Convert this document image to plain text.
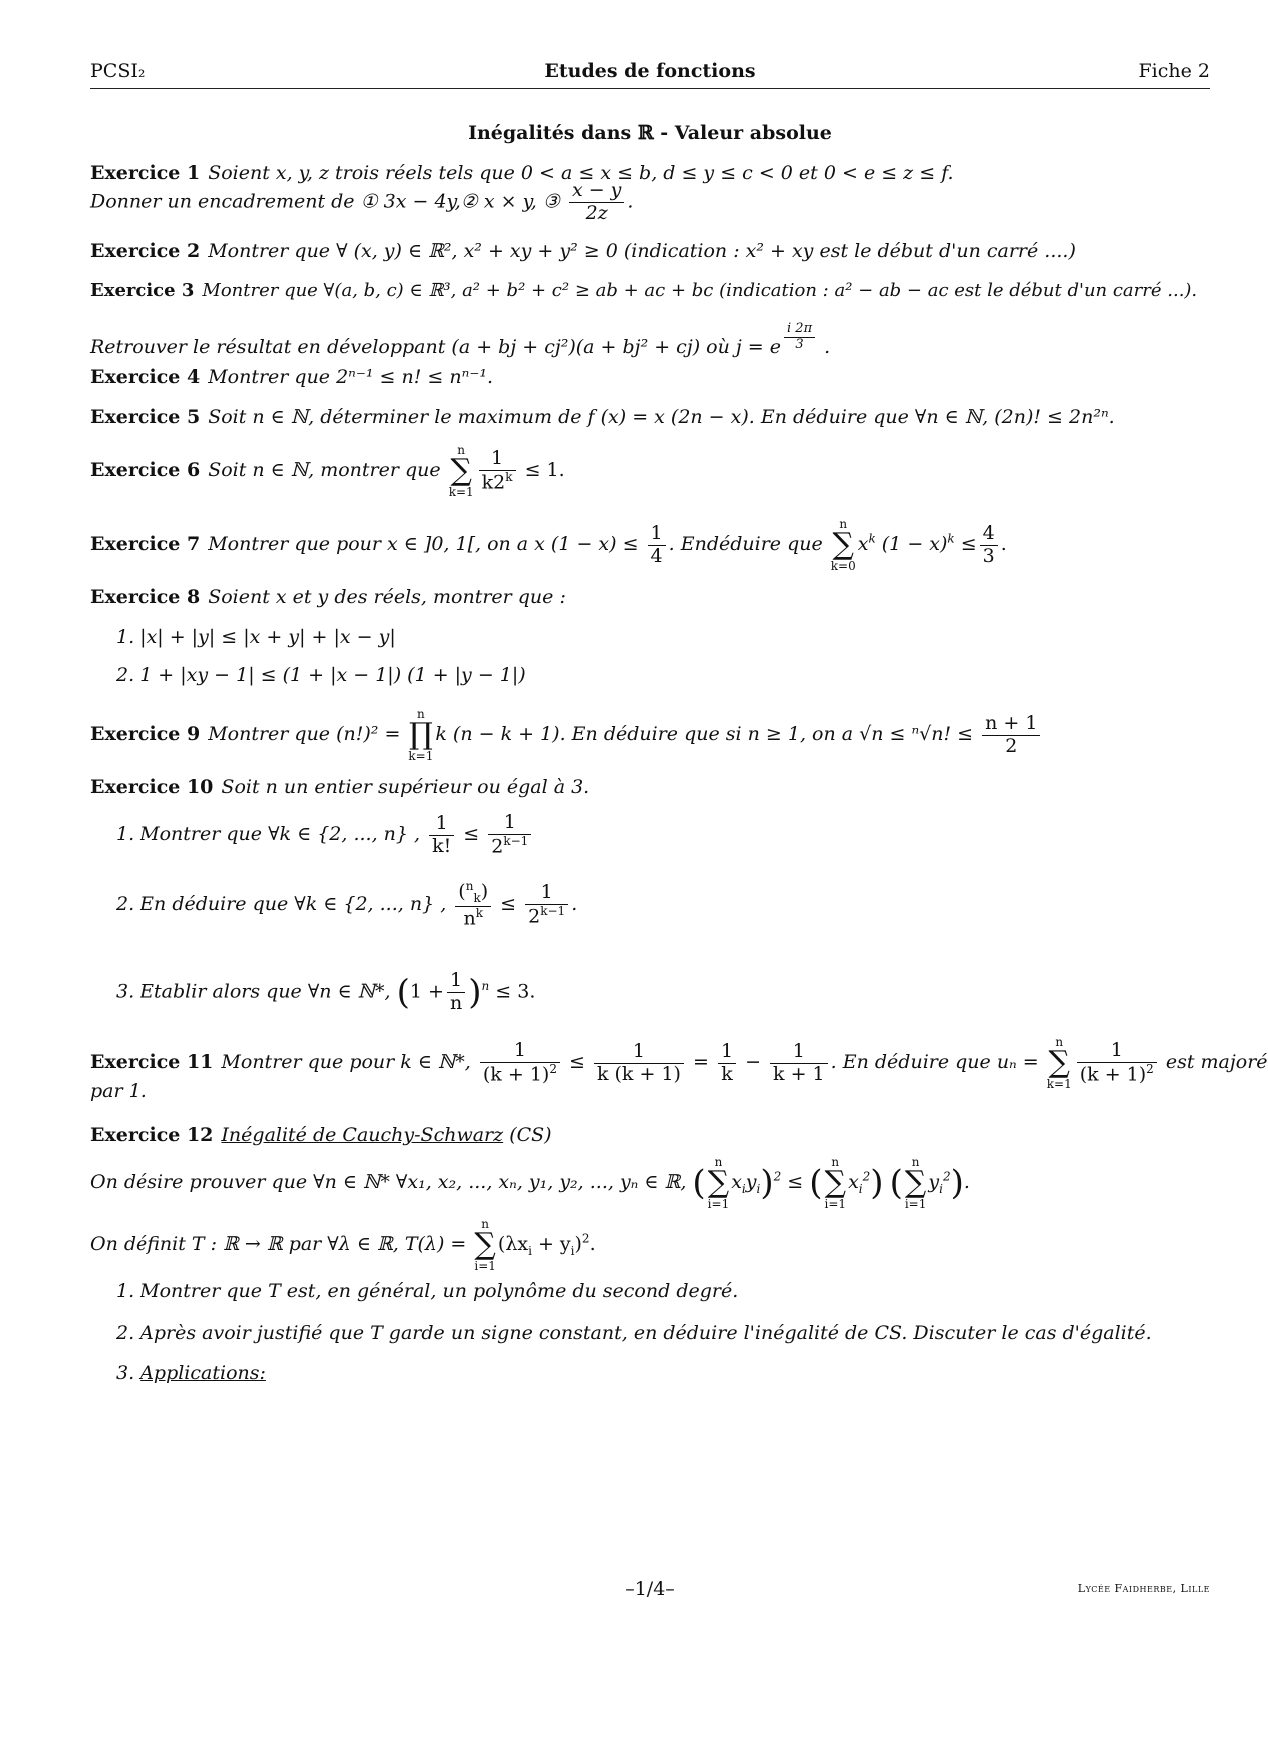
PCSI₂	Etudes de fonctions	Fiche 2
Inégalités dans ℝ - Valeur absolue
Exercice 1 Soient x, y, z trois réels tels que 0 < a ≤ x ≤ b, d ≤ y ≤ c < 0 et 0 < e ≤ z ≤ f.
Donner un encadrement de ① 3x − 4y,② x × y, ③ $\frac{x - y}{2z}$ .
Exercice 2 Montrer que ∀ (x, y) ∈ ℝ², x² + xy + y² ≥ 0 (indication : x² + xy est le début d'un carré ....)
Exercice 3 Montrer que ∀(a, b, c) ∈ ℝ³, a² + b² + c² ≥ ab + ac + bc (indication : a² − ab − ac est le début d'un carré ...).
Retrouver le résultat en développant (a + bj + cj²)(a + bj² + cj) où j = e $^{\frac{i 2\pi}{3}}$ .
Exercice 4 Montrer que 2ⁿ⁻¹ ≤ n! ≤ nⁿ⁻¹.
Exercice 5 Soit n ∈ ℕ, déterminer le maximum de f (x) = x (2n − x). En déduire que ∀n ∈ ℕ, (2n)! ≤ 2n²ⁿ.
Exercice 6 Soit n ∈ ℕ, montrer que n
∑
$k=1 \frac{1}{k2^k} \le 1$.
Exercice 7 Montrer que pour x ∈ ]0, 1[, on a x $(1 - x) \le \frac{1}{4}$ . Endéduire que n
∑
$k=0x^k$ $(1 - x)^k \le \frac{4}{3}$ .
Exercice 8 Soient x et y des réels, montrer que :
1. |x| + |y| ≤ |x + y| + |x − y|
2. 1 + |xy − 1| ≤ (1 + |x − 1|) (1 + |y − 1|)
Exercice 9 Montrer que (n!)² = n
∏
k=1k (n − k + 1). En déduire que si n ≥ 1, on a √n ≤ ⁿ√n! ≤ $\frac{n + 1}{2}$
Exercice 10 Soit n un entier supérieur ou égal à 3.
1. Montrer que ∀k ∈ {2, ..., n} , $\frac{1}{k!} \le \frac{1}{2^{k-1}}$
2. En déduire que ∀k ∈ {2, ..., n} , $\frac{(^n_k)}{n^k} \le \frac{1}{2^{k-1}}$ .
3. Etablir alors que ∀n ∈ ℕ*, $(1 + \frac{1}{n} )^n \le 3$.
Exercice 11 Montrer que pour k ∈ ℕ*, $\frac{1}{(k + 1)^2} \le \frac{1}{k (k + 1)} = \frac{1}{k} - \frac{1}{k + 1}$ . En déduire que uₙ = n
∑
$k=1 \frac{1}{(k + 1)^2}$ est majoré
par 1.
Exercice 12 Inégalité de Cauchy-Schwarz (CS)
On désire prouver que ∀n ∈ ℕ* ∀x₁, x₂, ..., xₙ, y₁, y₂, ..., yₙ ∈ ℝ, (n
∑
$i=1x_iy_i)^2 \le (n$
∑
$i=1x_i^2$) (n
∑
$i=1y_i^2$).
On définit T : ℝ → ℝ par ∀λ ∈ ℝ, T(λ) = n
∑
$i=1(\lambda x_i + y_i)^2$.
1. Montrer que T est, en général, un polynôme du second degré.
2. Après avoir justifié que T garde un signe constant, en déduire l'inégalité de CS. Discuter le cas d'égalité.
3. Applications:
–1/4–	Lycée Faidherbe, Lille
